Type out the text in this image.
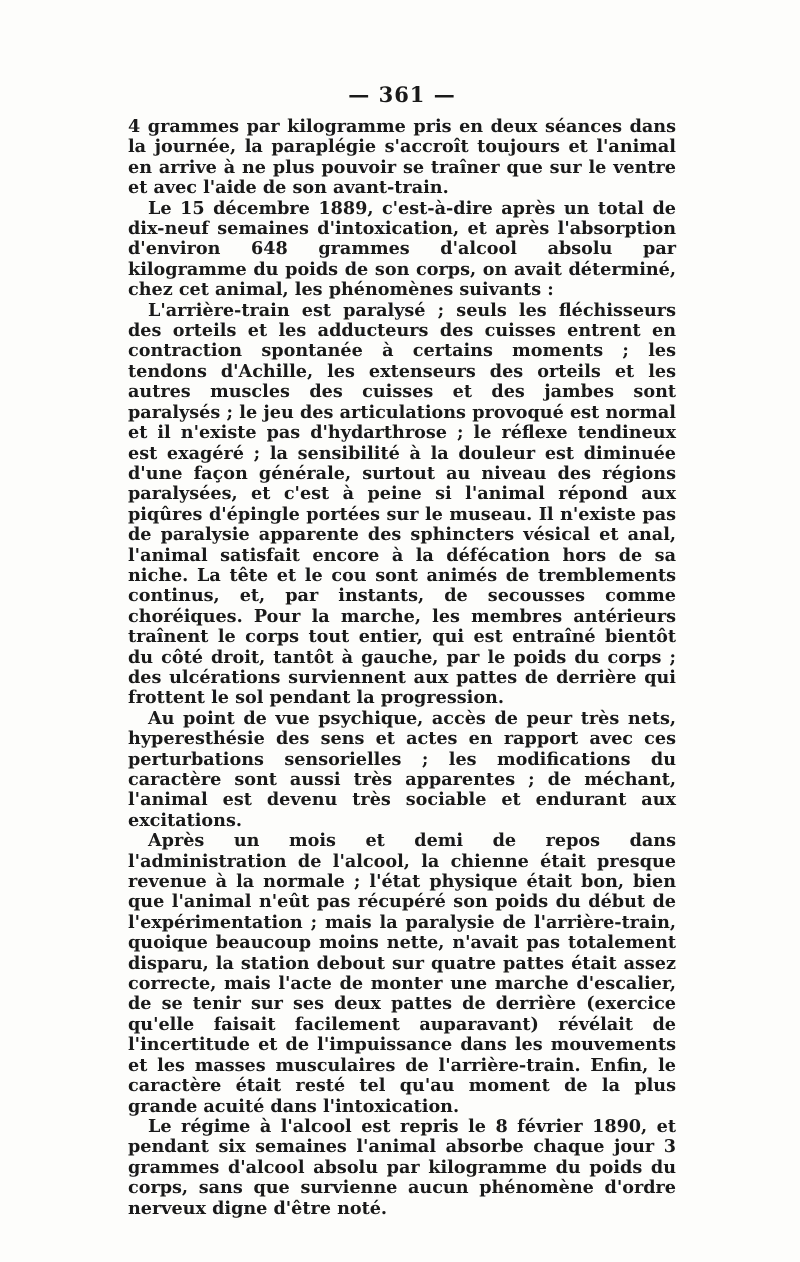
— 361 —

4 grammes par kilogramme pris en deux séances dans la journée, la paraplégie s'accroît toujours et l'animal en arrive à ne plus pouvoir se traîner que sur le ventre et avec l'aide de son avant-train.

Le 15 décembre 1889, c'est-à-dire après un total de dix-neuf semaines d'intoxication, et après l'absorption d'environ 648 grammes d'alcool absolu par kilogramme du poids de son corps, on avait déterminé, chez cet animal, les phénomènes suivants :

L'arrière-train est paralysé ; seuls les fléchisseurs des orteils et les adducteurs des cuisses entrent en contraction spontanée à certains moments ; les tendons d'Achille, les extenseurs des orteils et les autres muscles des cuisses et des jambes sont paralysés ; le jeu des articulations provoqué est normal et il n'existe pas d'hydarthrose ; le réflexe tendineux est exagéré ; la sensibilité à la douleur est diminuée d'une façon générale, surtout au niveau des régions paralysées, et c'est à peine si l'animal répond aux piqûres d'épingle portées sur le museau. Il n'existe pas de paralysie apparente des sphincters vésical et anal, l'animal satisfait encore à la défécation hors de sa niche. La tête et le cou sont animés de tremblements continus, et, par instants, de secousses comme choréiques. Pour la marche, les membres antérieurs traînent le corps tout entier, qui est entraîné bientôt du côté droit, tantôt à gauche, par le poids du corps ; des ulcérations surviennent aux pattes de derrière qui frottent le sol pendant la progression.

Au point de vue psychique, accès de peur très nets, hyperesthésie des sens et actes en rapport avec ces perturbations sensorielles ; les modifications du caractère sont aussi très apparentes ; de méchant, l'animal est devenu très sociable et endurant aux excitations.

Après un mois et demi de repos dans l'administration de l'alcool, la chienne était presque revenue à la normale ; l'état physique était bon, bien que l'animal n'eût pas récupéré son poids du début de l'expérimentation ; mais la paralysie de l'arrière-train, quoique beaucoup moins nette, n'avait pas totalement disparu, la station debout sur quatre pattes était assez correcte, mais l'acte de monter une marche d'escalier, de se tenir sur ses deux pattes de derrière (exercice qu'elle faisait facilement auparavant) révélait de l'incertitude et de l'impuissance dans les mouvements et les masses musculaires de l'arrière-train. Enfin, le caractère était resté tel qu'au moment de la plus grande acuité dans l'intoxication.

Le régime à l'alcool est repris le 8 février 1890, et pendant six semaines l'animal absorbe chaque jour 3 grammes d'alcool absolu par kilogramme du poids du corps, sans que survienne aucun phénomène d'ordre nerveux digne d'être noté.
